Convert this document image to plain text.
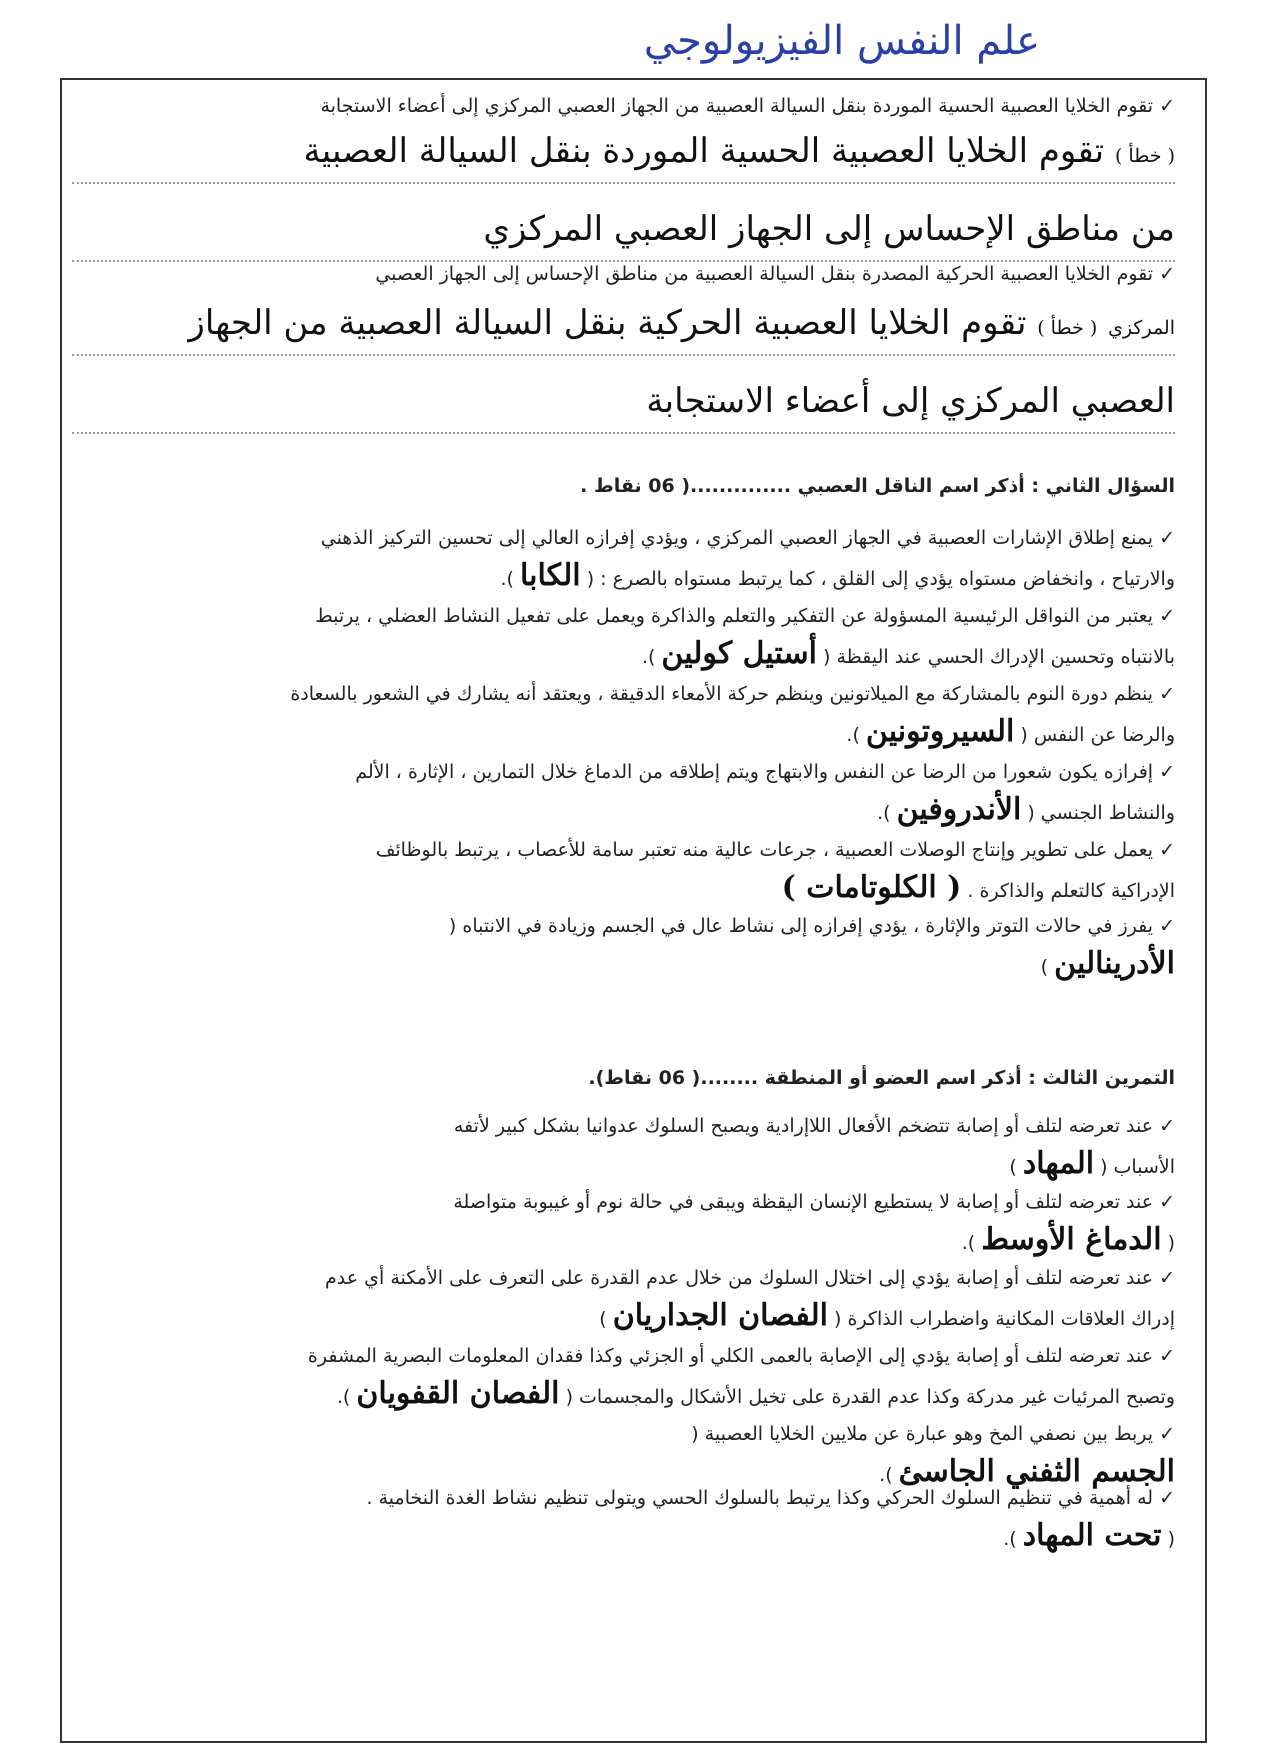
علم النفس الفيزيولوجي
✓تقوم الخلايا العصبية الحسية الموردة بنقل السيالة العصبية من الجهاز العصبي المركزي إلى أعضاء الاستجابة
( خطأ ) تقوم الخلايا العصبية الحسية الموردة بنقل السيالة العصبية
من مناطق الإحساس إلى الجهاز العصبي المركزي
✓تقوم الخلايا العصبية الحركية المصدرة بنقل السيالة العصبية من مناطق الإحساس إلى الجهاز العصبي
المركزي ( خطأ ) تقوم الخلايا العصبية الحركية بنقل السيالة العصبية من الجهاز
العصبي المركزي إلى أعضاء الاستجابة
السؤال الثاني : أذكر اسم الناقل العصبي ..............( 06 نقاط .
التمرين الثالث : أذكر اسم العضو أو المنطقة ........( 06 نقاط).
✓يمنع إطلاق الإشارات العصبية في الجهاز العصبي المركزي ، ويؤدي إفرازه العالي إلى تحسين التركيز الذهني
والارتياح ، وانخفاض مستواه يؤدي إلى القلق ، كما يرتبط مستواه بالصرع : ( الكابا ).
✓يعتبر من النواقل الرئيسية المسؤولة عن التفكير والتعلم والذاكرة ويعمل على تفعيل النشاط العضلي ، يرتبط
بالانتباه وتحسين الإدراك الحسي عند اليقظة ( أستيل كولين ).
✓ينظم دورة النوم بالمشاركة مع الميلاتونين وينظم حركة الأمعاء الدقيقة ، ويعتقد أنه يشارك في الشعور بالسعادة
والرضا عن النفس ( السيروتونين ).
✓إفرازه يكون شعورا من الرضا عن النفس والابتهاج ويتم إطلاقه من الدماغ خلال التمارين ، الإثارة ، الألم
والنشاط الجنسي ( الأندروفين ).
✓يعمل على تطوير وإنتاج الوصلات العصبية ، جرعات عالية منه تعتبر سامة للأعصاب ، يرتبط بالوظائف
الإدراكية كالتعلم والذاكرة . ( الكلوتامات )
✓يفرز في حالات التوتر والإثارة ، يؤدي إفرازه إلى نشاط عال في الجسم وزيادة في الانتباه (
الأدرينالين )
✓عند تعرضه لتلف أو إصابة تتضخم الأفعال اللاإرادية ويصبح السلوك عدوانيا بشكل كبير لأتفه
الأسباب ( المهاد )
✓عند تعرضه لتلف أو إصابة لا يستطيع الإنسان اليقظة ويبقى في حالة نوم أو غيبوبة متواصلة
( الدماغ الأوسط ).
✓عند تعرضه لتلف أو إصابة يؤدي إلى اختلال السلوك من خلال عدم القدرة على التعرف على الأمكنة أي عدم
إدراك العلاقات المكانية واضطراب الذاكرة ( الفصان الجداريان )
✓عند تعرضه لتلف أو إصابة يؤدي إلى الإصابة بالعمى الكلي أو الجزئي وكذا فقدان المعلومات البصرية المشفرة
وتصبح المرئيات غير مدركة وكذا عدم القدرة على تخيل الأشكال والمجسمات ( الفصان القفويان ).
✓يربط بين نصفي المخ وهو عبارة عن ملايين الخلايا العصبية (
الجسم الثفني الجاسئ ).
✓له أهمية في تنظيم السلوك الحركي وكذا يرتبط بالسلوك الحسي ويتولى تنظيم نشاط الغدة النخامية .
( تحت المهاد ).
